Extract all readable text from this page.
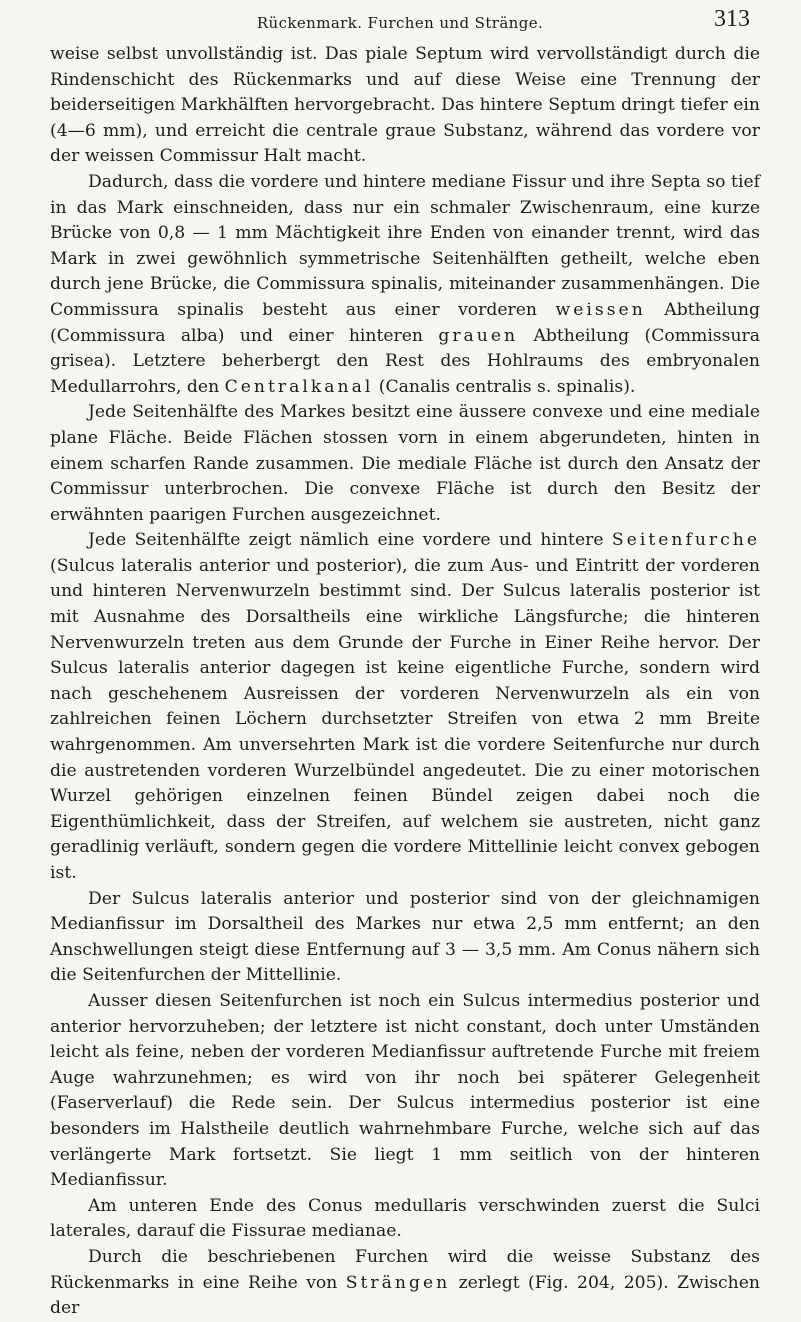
Rückenmark. Furchen und Stränge.	313

weise selbst unvollständig ist. Das piale Septum wird vervollständigt durch die Rindenschicht des Rückenmarks und auf diese Weise eine Trennung der beiderseitigen Markhälften hervorgebracht. Das hintere Septum dringt tiefer ein (4—6 mm), und erreicht die centrale graue Substanz, während das vordere vor der weissen Commissur Halt macht.

Dadurch, dass die vordere und hintere mediane Fissur und ihre Septa so tief in das Mark einschneiden, dass nur ein schmaler Zwischenraum, eine kurze Brücke von 0,8 — 1 mm Mächtigkeit ihre Enden von einander trennt, wird das Mark in zwei gewöhnlich symmetrische Seitenhälften getheilt, welche eben durch jene Brücke, die Commissura spinalis, miteinander zusammenhängen. Die Commissura spinalis besteht aus einer vorderen weissen Abtheilung (Commissura alba) und einer hinteren grauen Abtheilung (Commissura grisea). Letztere beherbergt den Rest des Hohlraums des embryonalen Medullarrohrs, den Centralkanal (Canalis centralis s. spinalis).

Jede Seitenhälfte des Markes besitzt eine äussere convexe und eine mediale plane Fläche. Beide Flächen stossen vorn in einem abgerundeten, hinten in einem scharfen Rande zusammen. Die mediale Fläche ist durch den Ansatz der Commissur unterbrochen. Die convexe Fläche ist durch den Besitz der erwähnten paarigen Furchen ausgezeichnet.

Jede Seitenhälfte zeigt nämlich eine vordere und hintere Seitenfurche (Sulcus lateralis anterior und posterior), die zum Aus- und Eintritt der vorderen und hinteren Nervenwurzeln bestimmt sind. Der Sulcus lateralis posterior ist mit Ausnahme des Dorsaltheils eine wirkliche Längsfurche; die hinteren Nervenwurzeln treten aus dem Grunde der Furche in Einer Reihe hervor. Der Sulcus lateralis anterior dagegen ist keine eigentliche Furche, sondern wird nach geschehenem Ausreissen der vorderen Nervenwurzeln als ein von zahlreichen feinen Löchern durchsetzter Streifen von etwa 2 mm Breite wahrgenommen. Am unversehrten Mark ist die vordere Seitenfurche nur durch die austretenden vorderen Wurzelbündel angedeutet. Die zu einer motorischen Wurzel gehörigen einzelnen feinen Bündel zeigen dabei noch die Eigenthümlichkeit, dass der Streifen, auf welchem sie austreten, nicht ganz geradlinig verläuft, sondern gegen die vordere Mittellinie leicht convex gebogen ist.

Der Sulcus lateralis anterior und posterior sind von der gleichnamigen Medianfissur im Dorsaltheil des Markes nur etwa 2,5 mm entfernt; an den Anschwellungen steigt diese Entfernung auf 3 — 3,5 mm. Am Conus nähern sich die Seitenfurchen der Mittellinie.

Ausser diesen Seitenfurchen ist noch ein Sulcus intermedius posterior und anterior hervorzuheben; der letztere ist nicht constant, doch unter Umständen leicht als feine, neben der vorderen Medianfissur auftretende Furche mit freiem Auge wahrzunehmen; es wird von ihr noch bei späterer Gelegenheit (Faserverlauf) die Rede sein. Der Sulcus intermedius posterior ist eine besonders im Halstheile deutlich wahrnehmbare Furche, welche sich auf das verlängerte Mark fortsetzt. Sie liegt 1 mm seitlich von der hinteren Medianfissur.

Am unteren Ende des Conus medullaris verschwinden zuerst die Sulci laterales, darauf die Fissurae medianae.

Durch die beschriebenen Furchen wird die weisse Substanz des Rückenmarks in eine Reihe von Strängen zerlegt (Fig. 204, 205). Zwischen der
